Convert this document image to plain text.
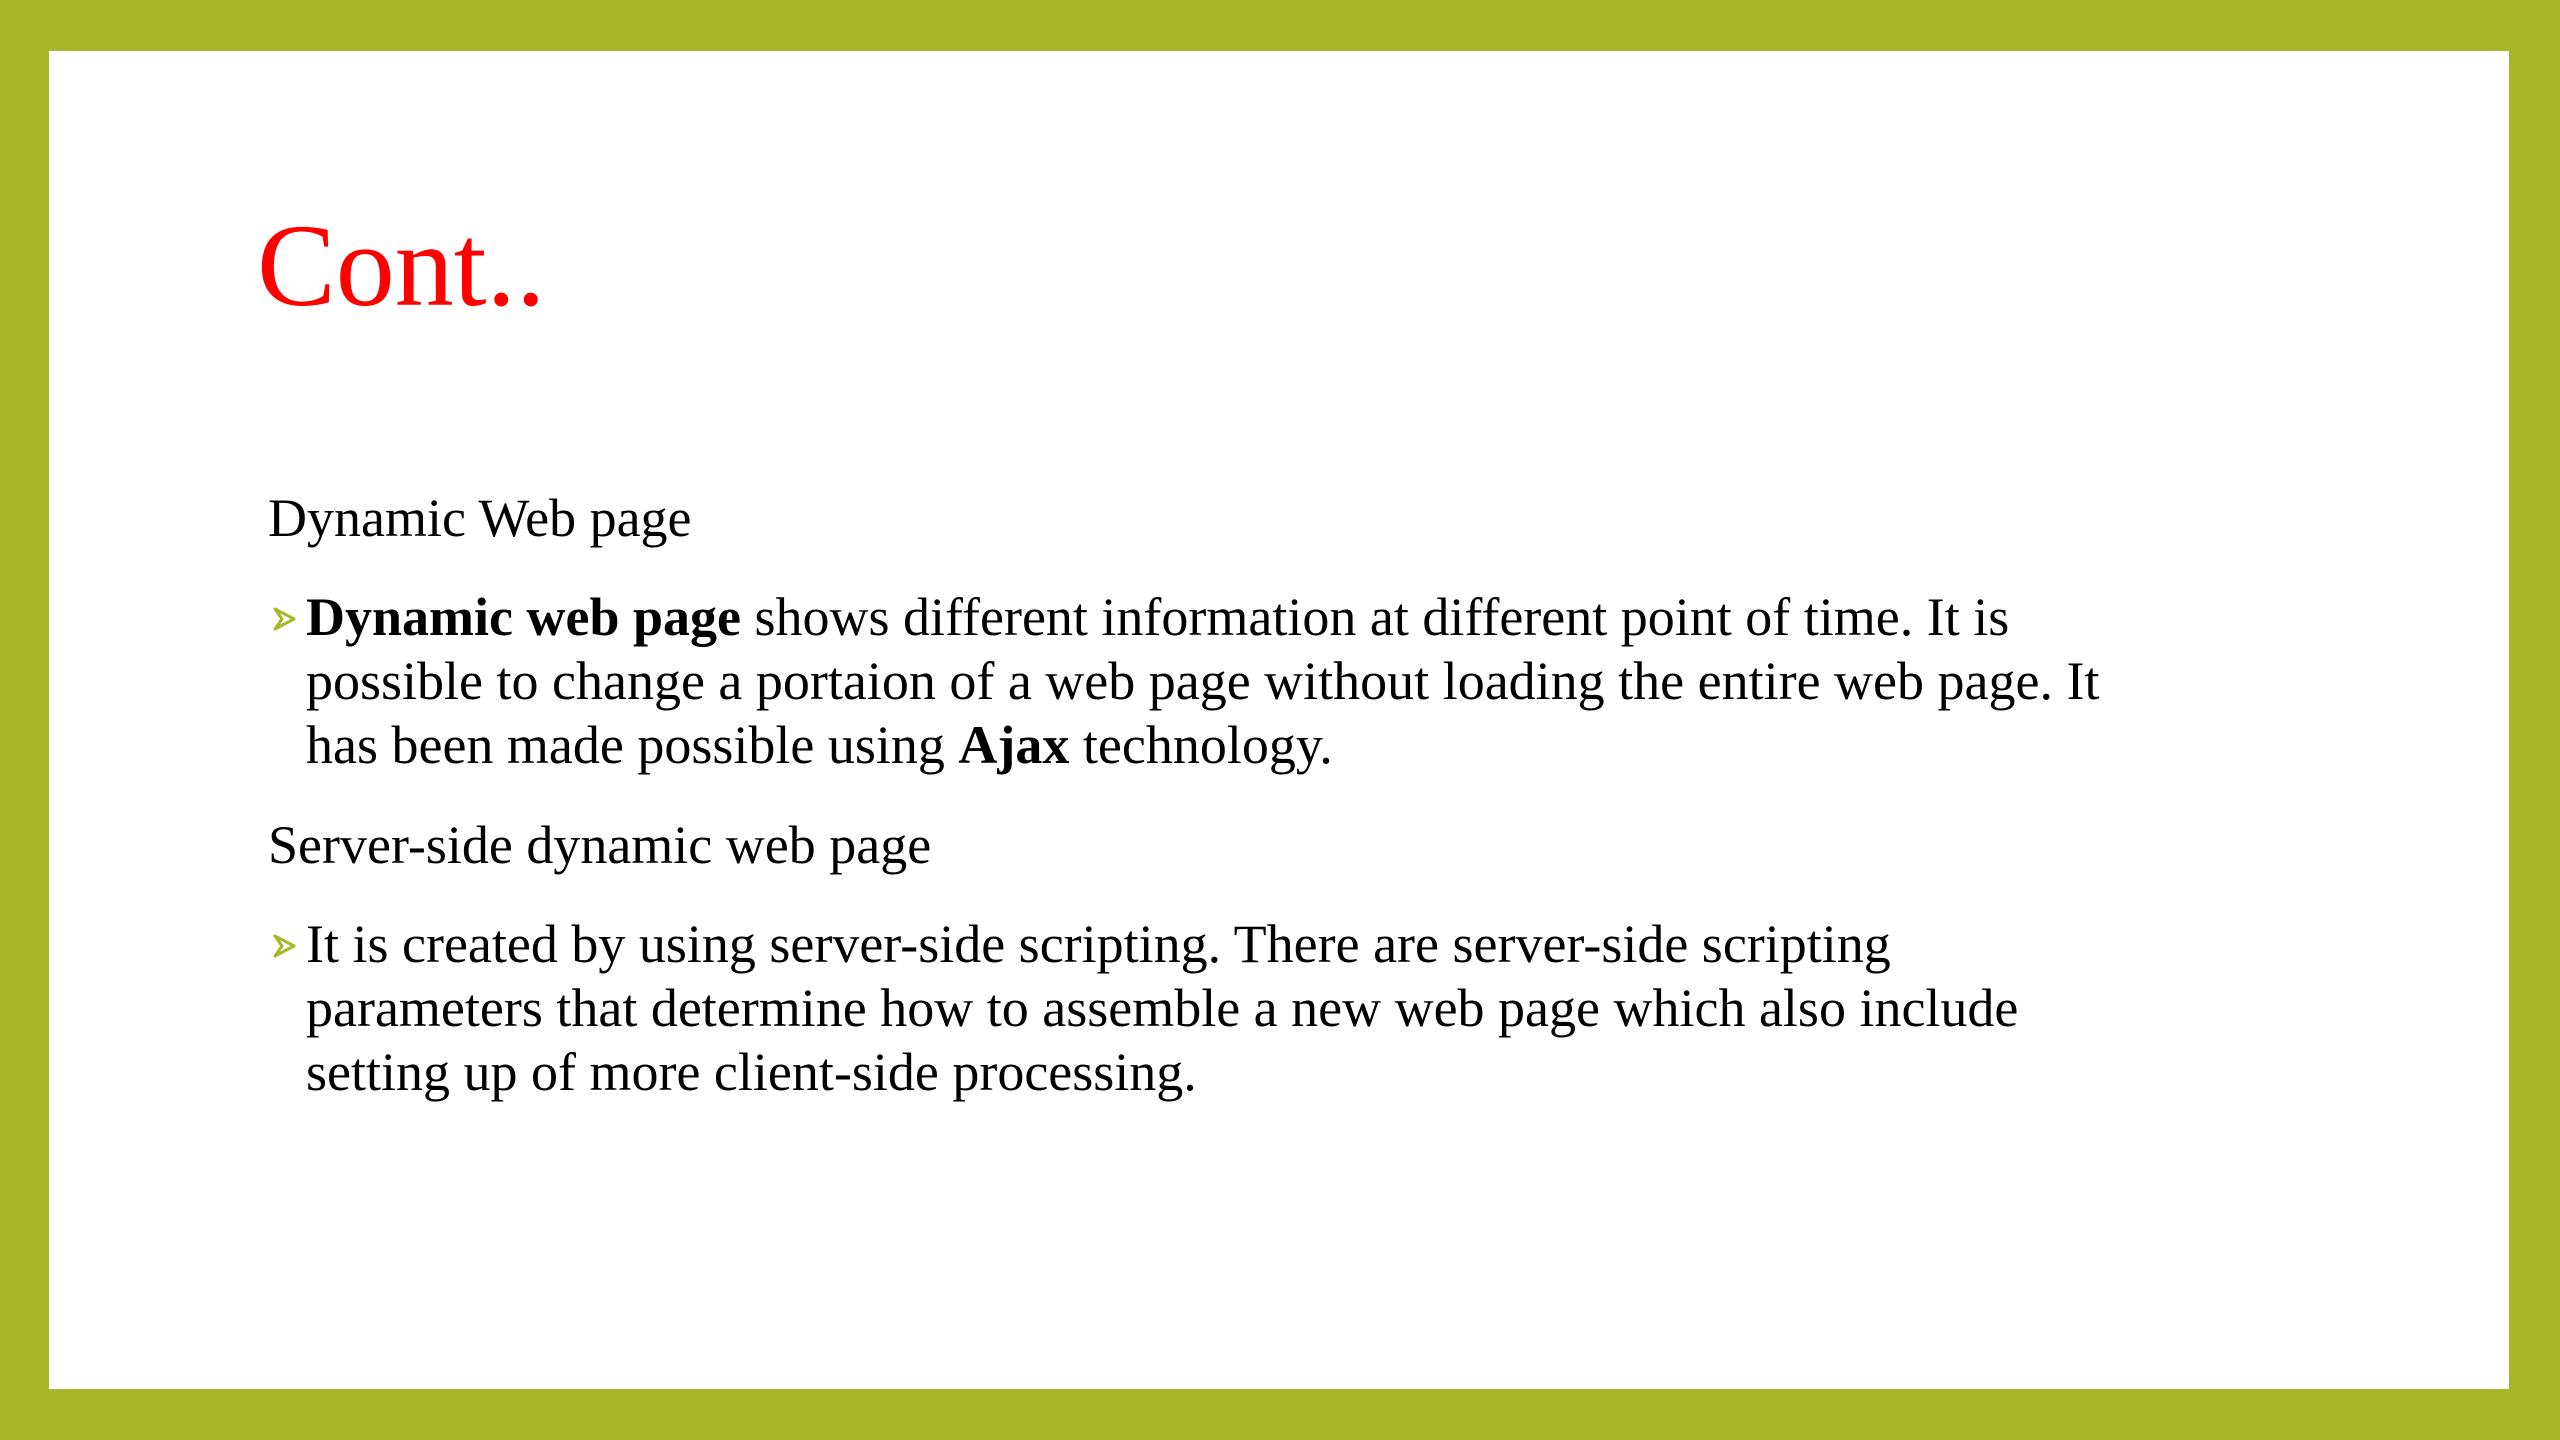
Cont..

Dynamic Web page

Dynamic web page shows different information at different point of time. It is
possible to change a portaion of a web page without loading the entire web page. It
has been made possible using Ajax technology.

Server-side dynamic web page

It is created by using server-side scripting. There are server-side scripting
parameters that determine how to assemble a new web page which also include
setting up of more client-side processing.
